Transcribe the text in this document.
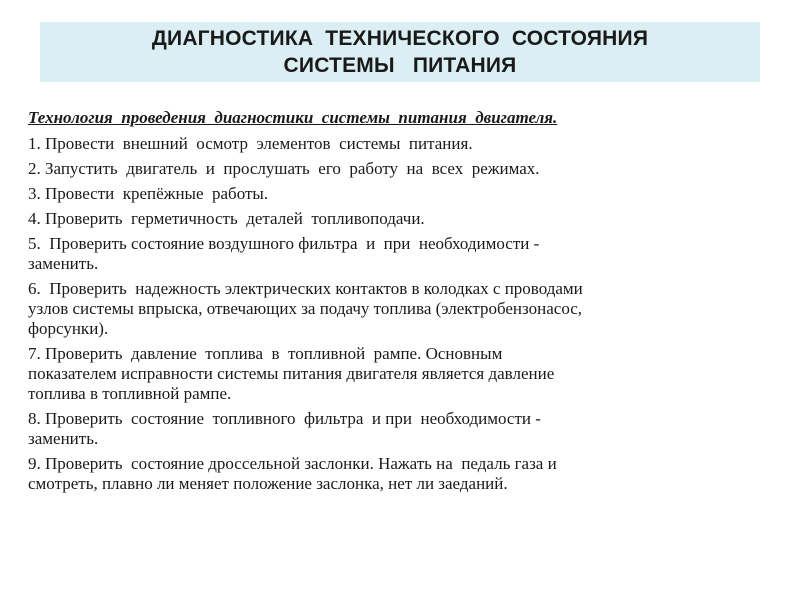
ДИАГНОСТИКА  ТЕХНИЧЕСКОГО  СОСТОЯНИЯ
СИСТЕМЫ   ПИТАНИЯ
Технология  проведения  диагностики  системы  питания  двигателя.
1. Провести  внешний  осмотр  элементов  системы  питания.
2. Запустить  двигатель  и  прослушать  его  работу  на  всех  режимах.
3. Провести  крепёжные  работы.
4. Проверить  герметичность  деталей  топливоподачи.
5.  Проверить состояние воздушного фильтра  и  при  необходимости -
заменить.
6.  Проверить  надежность электрических контактов в колодках с проводами
узлов системы впрыска, отвечающих за подачу топлива (электробензонасос,
форсунки).
7. Проверить  давление  топлива  в  топливной  рампе. Основным
показателем исправности системы питания двигателя является давление
топлива в топливной рампе.
8. Проверить  состояние  топливного  фильтра  и при  необходимости -
заменить.
9. Проверить  состояние дроссельной заслонки. Нажать на  педаль газа и
смотреть, плавно ли меняет положение заслонка, нет ли заеданий.
